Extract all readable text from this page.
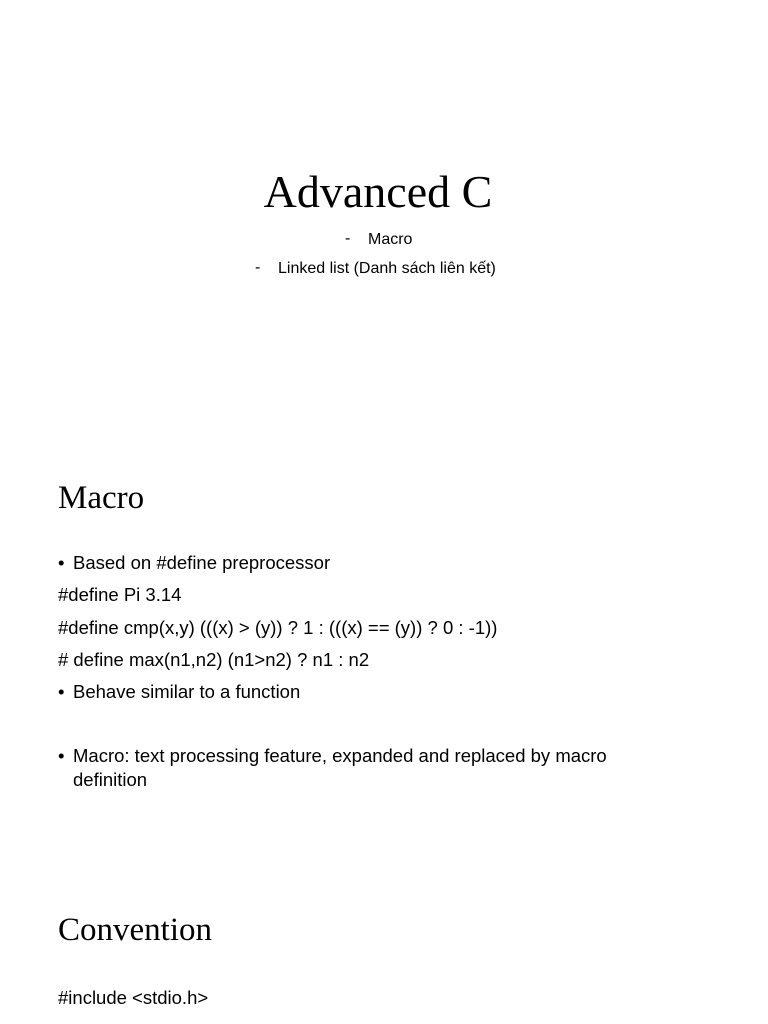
Advanced C
- Macro
- Linked list (Danh sách liên kết)
Macro
• Based on #define preprocessor
#define Pi 3.14
#define cmp(x,y) (((x) > (y)) ? 1 : (((x) == (y)) ? 0 : -1))
# define max(n1,n2) (n1>n2) ? n1 : n2
• Behave similar to a function
• Macro: text processing feature, expanded and replaced by macro definition
Convention
#include <stdio.h>
